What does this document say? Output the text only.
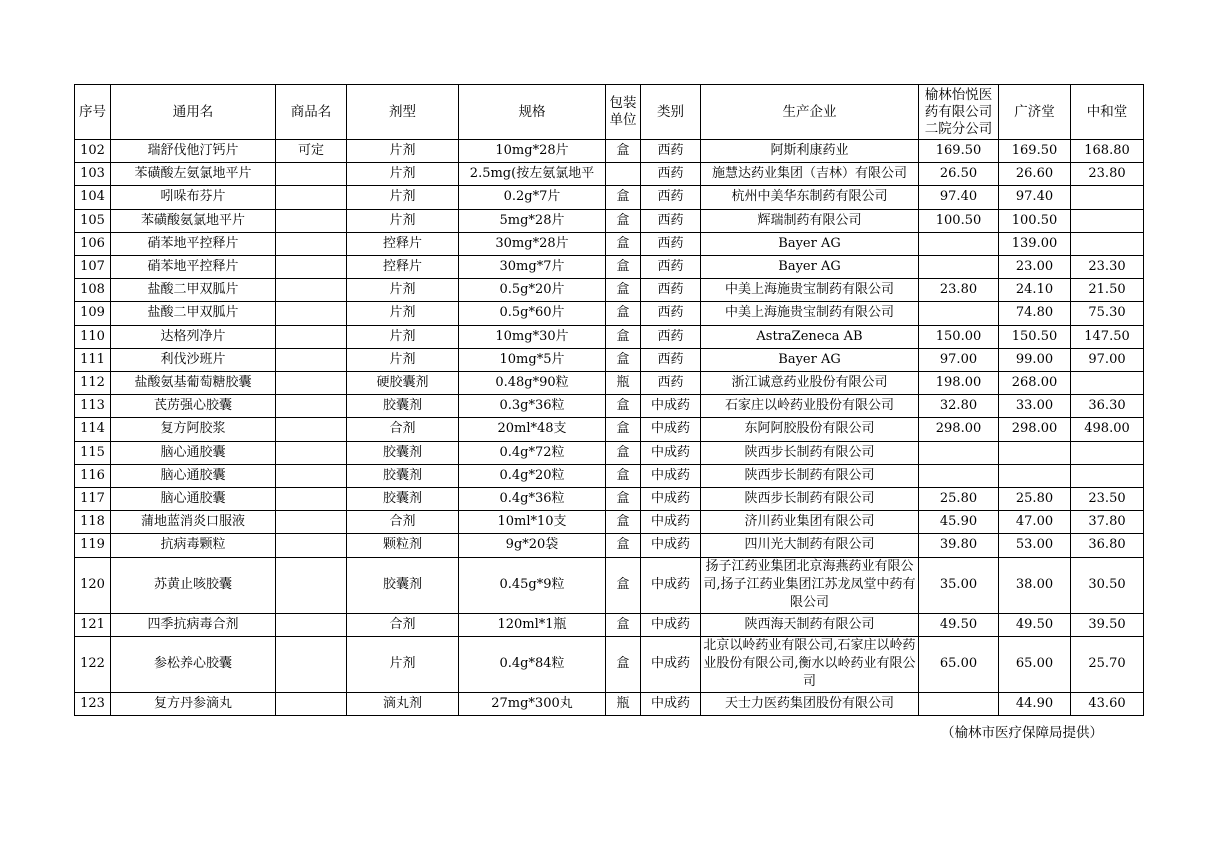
序号	通用名	商品名	剂型	规格	包装单位	类别	生产企业	榆林怡悦医药有限公司二院分公司	广济堂	中和堂
102	瑞舒伐他汀钙片	可定	片剂	10mg*28片	盒	西药	阿斯利康药业	169.50	169.50	168.80
103	苯磺酸左氨氯地平片		片剂	2.5mg(按左氨氯地平		西药	施慧达药业集团（吉林）有限公司	26.50	26.60	23.80
104	吲哚布芬片		片剂	0.2g*7片	盒	西药	杭州中美华东制药有限公司	97.40	97.40	
105	苯磺酸氨氯地平片		片剂	5mg*28片	盒	西药	辉瑞制药有限公司	100.50	100.50	
106	硝苯地平控释片		控释片	30mg*28片	盒	西药	Bayer AG		139.00	
107	硝苯地平控释片		控释片	30mg*7片	盒	西药	Bayer AG		23.00	23.30
108	盐酸二甲双胍片		片剂	0.5g*20片	盒	西药	中美上海施贵宝制药有限公司	23.80	24.10	21.50
109	盐酸二甲双胍片		片剂	0.5g*60片	盒	西药	中美上海施贵宝制药有限公司		74.80	75.30
110	达格列净片		片剂	10mg*30片	盒	西药	AstraZeneca AB	150.00	150.50	147.50
111	利伐沙班片		片剂	10mg*5片	盒	西药	Bayer AG	97.00	99.00	97.00
112	盐酸氨基葡萄糖胶囊		硬胶囊剂	0.48g*90粒	瓶	西药	浙江诚意药业股份有限公司	198.00	268.00	
113	芪苈强心胶囊		胶囊剂	0.3g*36粒	盒	中成药	石家庄以岭药业股份有限公司	32.80	33.00	36.30
114	复方阿胶浆		合剂	20ml*48支	盒	中成药	东阿阿胶股份有限公司	298.00	298.00	498.00
115	脑心通胶囊		胶囊剂	0.4g*72粒	盒	中成药	陕西步长制药有限公司			
116	脑心通胶囊		胶囊剂	0.4g*20粒	盒	中成药	陕西步长制药有限公司			
117	脑心通胶囊		胶囊剂	0.4g*36粒	盒	中成药	陕西步长制药有限公司	25.80	25.80	23.50
118	蒲地蓝消炎口服液		合剂	10ml*10支	盒	中成药	济川药业集团有限公司	45.90	47.00	37.80
119	抗病毒颗粒		颗粒剂	9g*20袋	盒	中成药	四川光大制药有限公司	39.80	53.00	36.80
120	苏黄止咳胶囊		胶囊剂	0.45g*9粒	盒	中成药	扬子江药业集团北京海燕药业有限公司,扬子江药业集团江苏龙凤堂中药有限公司	35.00	38.00	30.50
121	四季抗病毒合剂		合剂	120ml*1瓶	盒	中成药	陕西海天制药有限公司	49.50	49.50	39.50
122	参松养心胶囊		片剂	0.4g*84粒	盒	中成药	北京以岭药业有限公司,石家庄以岭药业股份有限公司,衡水以岭药业有限公司	65.00	65.00	25.70
123	复方丹参滴丸		滴丸剂	27mg*300丸	瓶	中成药	天士力医药集团股份有限公司		44.90	43.60
（榆林市医疗保障局提供）
